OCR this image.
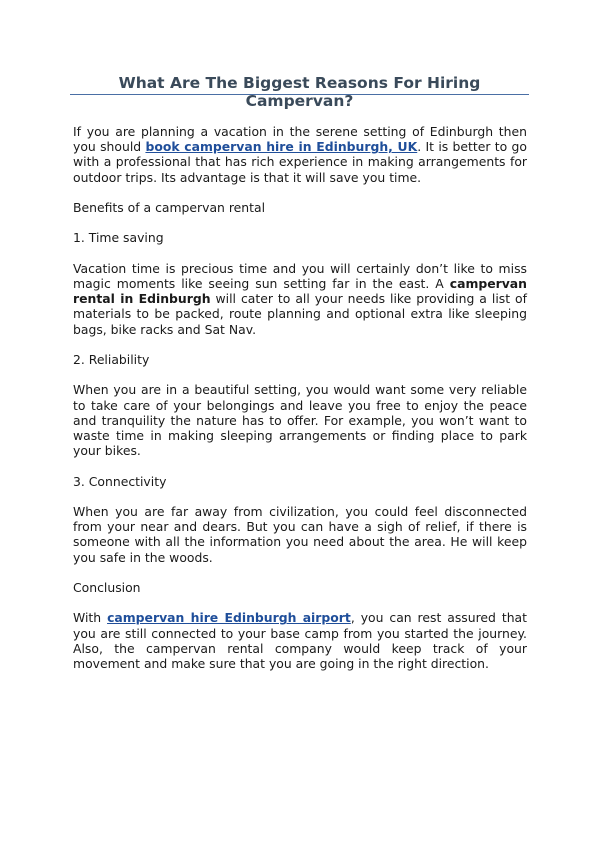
What Are The Biggest Reasons For Hiring Campervan?

If you are planning a vacation in the serene setting of Edinburgh then you should book campervan hire in Edinburgh, UK. It is better to go with a professional that has rich experience in making arrangements for outdoor trips. Its advantage is that it will save you time.

Benefits of a campervan rental

1. Time saving

Vacation time is precious time and you will certainly don’t like to miss magic moments like seeing sun setting far in the east. A campervan rental in Edinburgh will cater to all your needs like providing a list of materials to be packed, route planning and optional extra like sleeping bags, bike racks and Sat Nav.

2. Reliability

When you are in a beautiful setting, you would want some very reliable to take care of your belongings and leave you free to enjoy the peace and tranquility the nature has to offer. For example, you won’t want to waste time in making sleeping arrangements or finding place to park your bikes.

3. Connectivity

When you are far away from civilization, you could feel disconnected from your near and dears. But you can have a sigh of relief, if there is someone with all the information you need about the area. He will keep you safe in the woods.

Conclusion

With campervan hire Edinburgh airport, you can rest assured that you are still connected to your base camp from you started the journey. Also, the campervan rental company would keep track of your movement and make sure that you are going in the right direction.
